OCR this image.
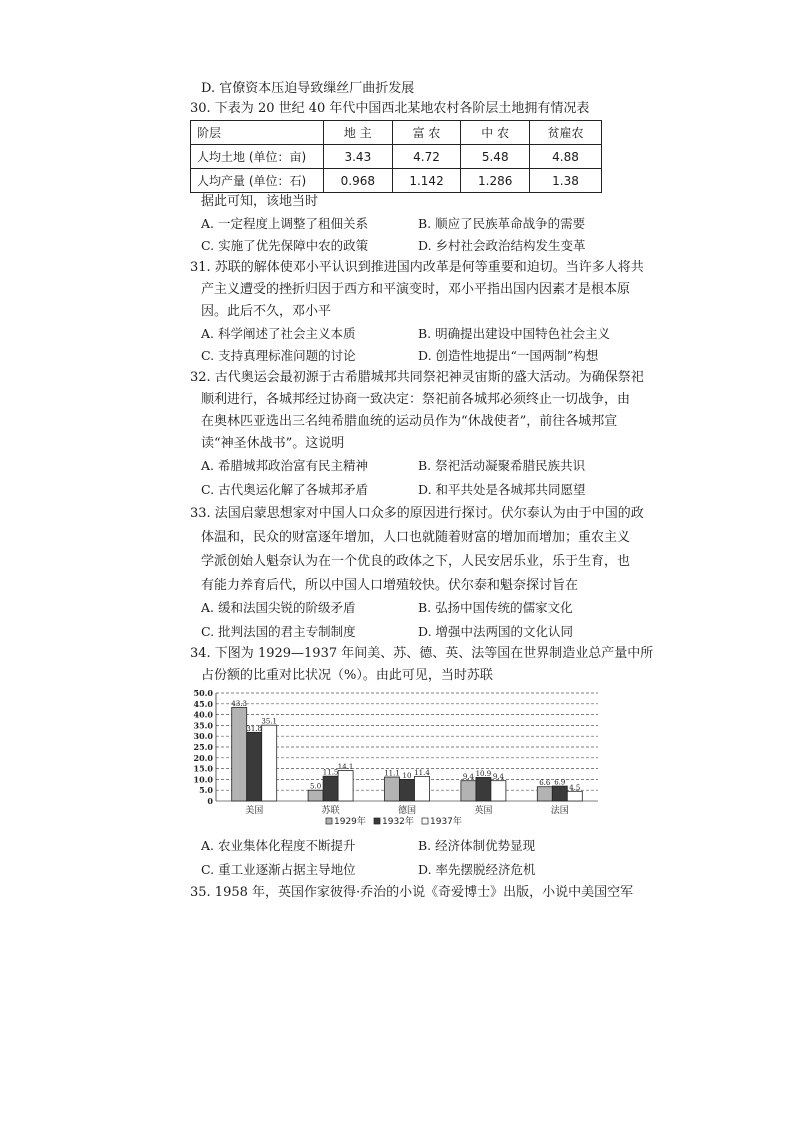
D. 官僚资本压迫导致缫丝厂曲折发展
30. 下表为 20 世纪 40 年代中国西北某地农村各阶层土地拥有情况表
阶层	地 主	富 农	中 农	贫雇农
人均土地 (单位：亩)	3.43	4.72	5.48	4.88
人均产量 (单位：石)	0.968	1.142	1.286	1.38
据此可知，该地当时
A. 一定程度上调整了租佃关系	B. 顺应了民族革命战争的需要
C. 实施了优先保障中农的政策	D. 乡村社会政治结构发生变革
31. 苏联的解体使邓小平认识到推进国内改革是何等重要和迫切。当许多人将共
产主义遭受的挫折归因于西方和平演变时，邓小平指出国内因素才是根本原
因。此后不久，邓小平
A. 科学阐述了社会主义本质	B. 明确提出建设中国特色社会主义
C. 支持真理标准问题的讨论	D. 创造性地提出“一国两制”构想
32. 古代奥运会最初源于古希腊城邦共同祭祀神灵宙斯的盛大活动。为确保祭祀
顺利进行，各城邦经过协商一致决定：祭祀前各城邦必须终止一切战争，由
在奥林匹亚选出三名纯希腊血统的运动员作为“休战使者”，前往各城邦宣
读“神圣休战书”。这说明
A. 希腊城邦政治富有民主精神	B. 祭祀活动凝聚希腊民族共识
C. 古代奥运化解了各城邦矛盾	D. 和平共处是各城邦共同愿望
33. 法国启蒙思想家对中国人口众多的原因进行探讨。伏尔泰认为由于中国的政
体温和，民众的财富逐年增加，人口也就随着财富的增加而增加；重农主义
学派创始人魁奈认为在一个优良的政体之下，人民安居乐业，乐于生育，也
有能力养育后代，所以中国人口增殖较快。伏尔泰和魁奈探讨旨在
A. 缓和法国尖锐的阶级矛盾	B. 弘扬中国传统的儒家文化
C. 批判法国的君主专制制度	D. 增强中法两国的文化认同
34. 下图为 1929—1937 年间美、苏、德、英、法等国在世界制造业总产量中所
占份额的比重对比状况（%）。由此可见，当时苏联
0
5.0
10.0
15.0
20.0
25.0
30.0
35.0
40.0
45.0
50.0
43.3
31.8
35.1
美国
5.0
11.5
14.1
苏联
11.1 10 11.4
德国
9.4 10.9 9.4
英国
6.6 6.9
4.5
法国
1929年 1932年 1937年
A. 农业集体化程度不断提升	B. 经济体制优势显现
C. 重工业逐渐占据主导地位	D. 率先摆脱经济危机
35. 1958 年，英国作家彼得·乔治的小说《奇爱博士》出版，小说中美国空军
